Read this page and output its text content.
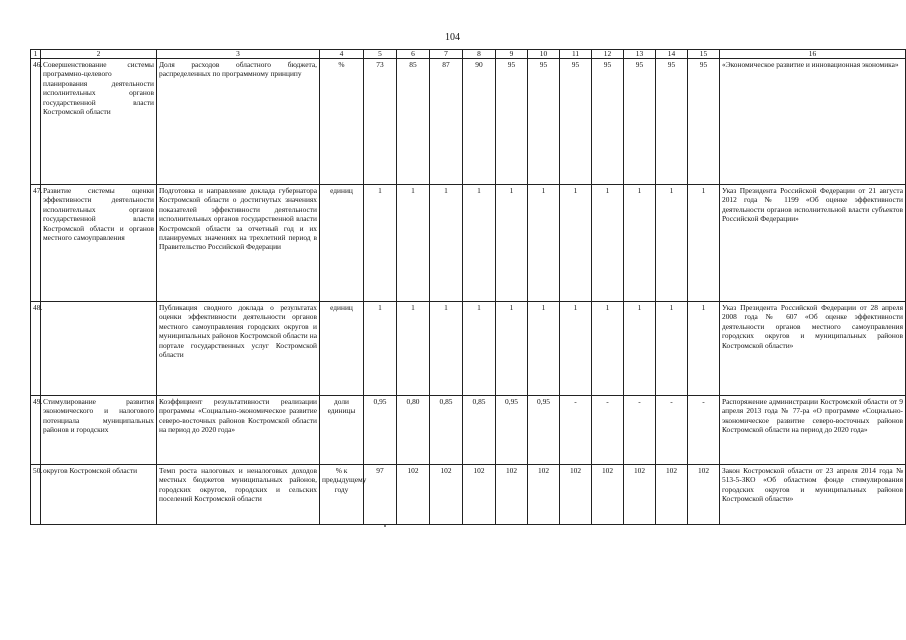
104
1	2	3	4	5	6	7	8	9	10	11	12	13	14	15	16
46.	Совершенствование системы программно-целевого планирования деятельности исполнительных органов государственной власти Костромской области	Доля расходов областного бюджета, распределенных по программному принципу	%	73	85	87	90	95	95	95	95	95	95	95	«Экономическое развитие и инновационная экономика»
47.	Развитие системы оценки эффективности деятельности исполнительных органов государственной власти Костромской области и органов местного самоуправления	Подготовка и направление доклада губернатора Костромской области о достигнутых значениях показателей эффективности деятельности исполнительных органов государственной власти Костромской области за отчетный год и их планируемых значениях на трехлетний период в Правительство Российской Федерации	единиц	1	1	1	1	1	1	1	1	1	1	1	Указ Президента Российской Федерации от 21 августа 2012 года № 1199 «Об оценке эффективности деятельности органов исполнительной власти субъектов Российской Федерации»
48.		Публикация сводного доклада о результатах оценки эффективности деятельности органов местного самоуправления городских округов и муниципальных районов Костромской области на портале государственных услуг Костромской области	единиц	1	1	1	1	1	1	1	1	1	1	1	Указ Президента Российской Федерации от 28 апреля 2008 года № 607 «Об оценке эффективности деятельности органов местного самоуправления городских округов и муниципальных районов Костромской области»
49.	Стимулирование развития экономического и налогового потенциала муниципальных районов и городских	Коэффициент результативности реализации программы «Социально-экономическое развитие северо-восточных районов Костромской области на период до 2020 года»	доли единицы	0,95	0,80	0,85	0,85	0,95	0,95	-	-	-	-	-	Распоряжение администрации Костромской области от 9 апреля 2013 года № 77-ра «О программе «Социально-экономическое развитие северо-восточных районов Костромской области на период до 2020 года»
50.	округов Костромской области	Темп роста налоговых и неналоговых доходов местных бюджетов муниципальных районов, городских округов, городских и сельских поселений Костромской области	% к предыдущему году	97	102	102	102	102	102	102	102	102	102	102	Закон Костромской области от 23 апреля 2014 года № 513-5-ЗКО «Об областном фонде стимулирования городских округов и муниципальных районов Костромской области»
